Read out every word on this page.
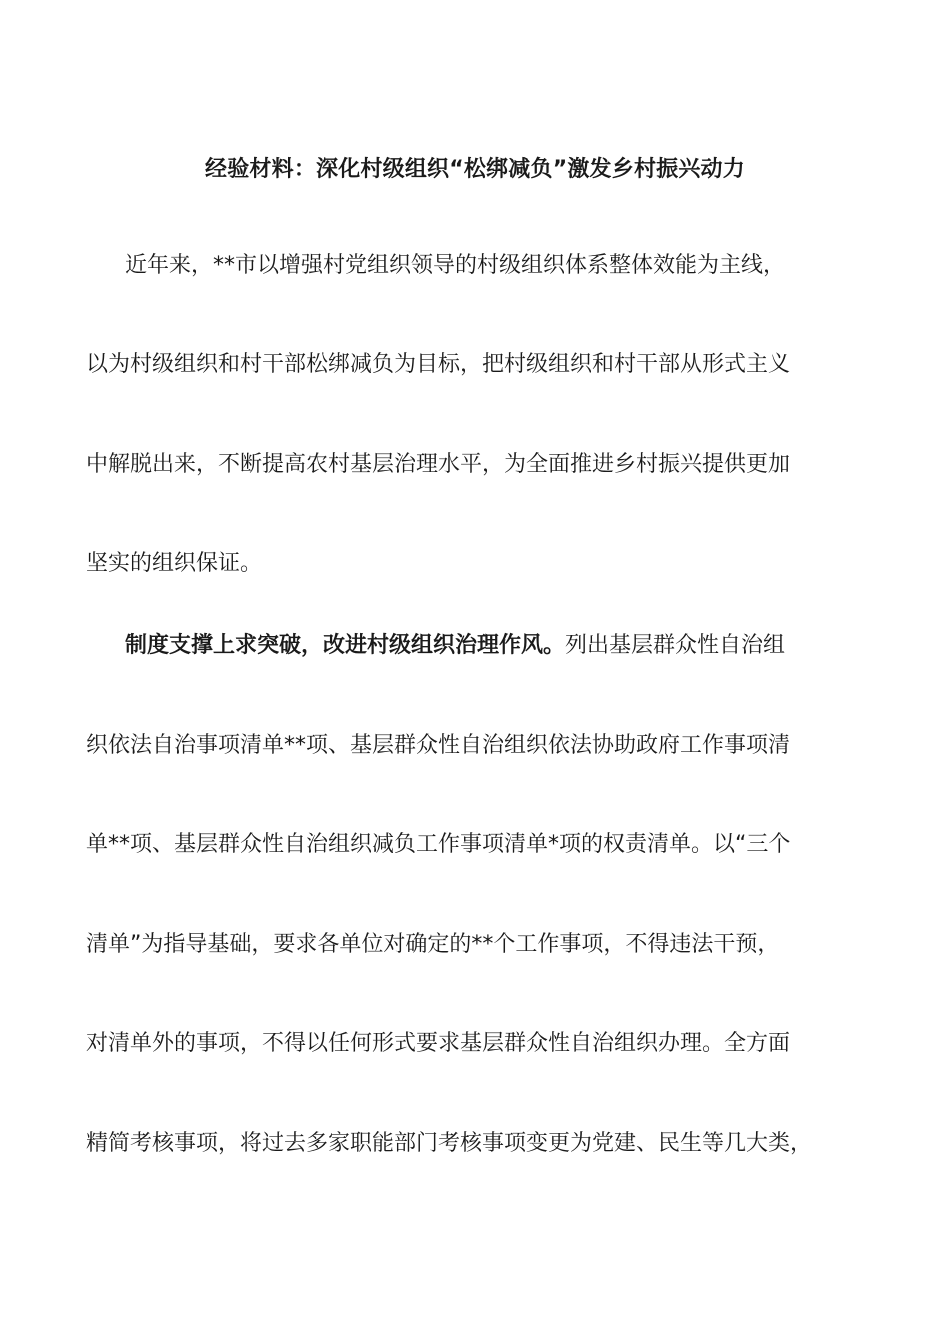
经验材料：深化村级组织“松绑减负”激发乡村振兴动力
近年来，**市以增强村党组织领导的村级组织体系整体效能为主线，
以为村级组织和村干部松绑减负为目标，把村级组织和村干部从形式主义
中解脱出来，不断提高农村基层治理水平，为全面推进乡村振兴提供更加
坚实的组织保证。
制度支撑上求突破，改进村级组织治理作风。列出基层群众性自治组
织依法自治事项清单**项、基层群众性自治组织依法协助政府工作事项清
单**项、基层群众性自治组织减负工作事项清单*项的权责清单。以“三个
清单”为指导基础，要求各单位对确定的**个工作事项，不得违法干预，
对清单外的事项，不得以任何形式要求基层群众性自治组织办理。全方面
精简考核事项，将过去多家职能部门考核事项变更为党建、民生等几大类，
